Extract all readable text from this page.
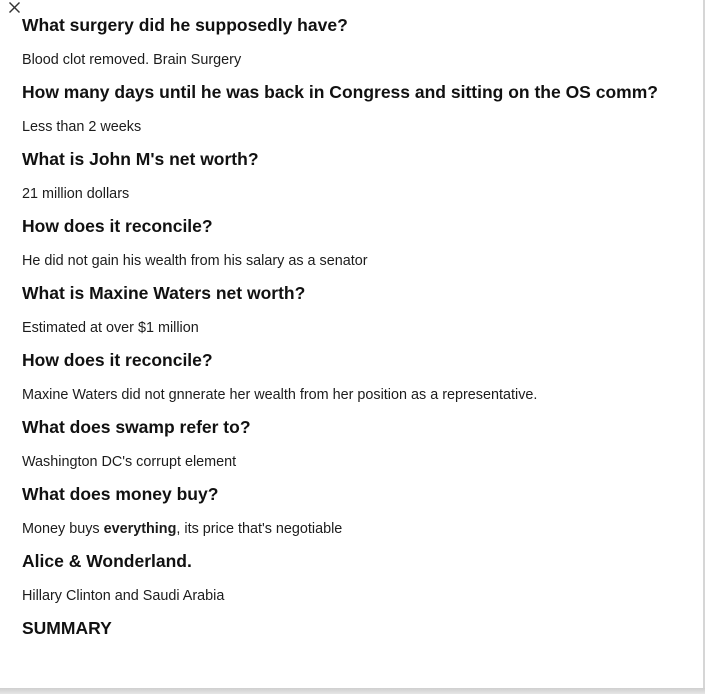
What surgery did he supposedly have?

Blood clot removed. Brain Surgery

How many days until he was back in Congress and sitting on the OS comm?

Less than 2 weeks

What is John M's net worth?

21 million dollars

How does it reconcile?

He did not gain his wealth from his salary as a senator

What is Maxine Waters net worth?

Estimated at over $1 million

How does it reconcile?

Maxine Waters did not gnnerate her wealth from her position as a representative.

What does swamp refer to?

Washington DC's corrupt element

What does money buy?

Money buys everything, its price that's negotiable

Alice & Wonderland.

Hillary Clinton and Saudi Arabia

SUMMARY
